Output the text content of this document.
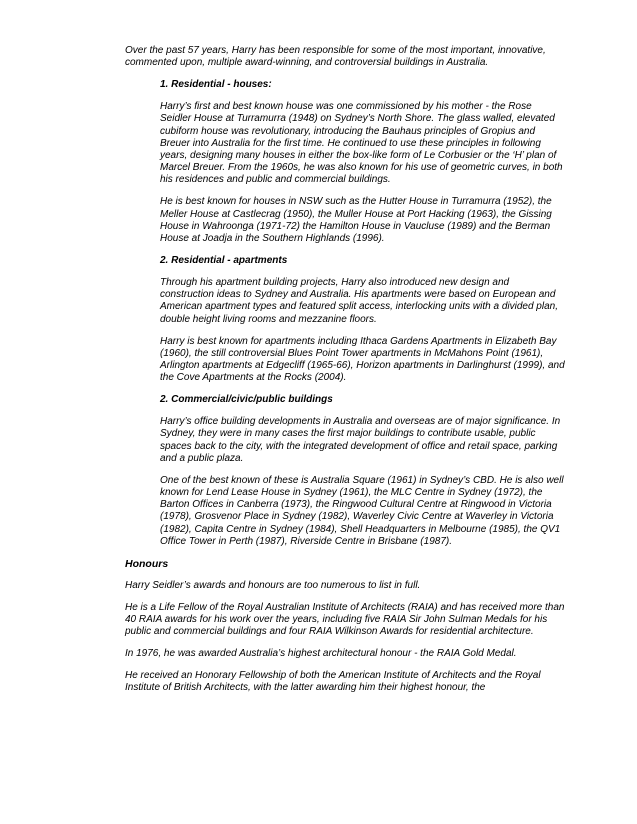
Over the past 57 years, Harry has been responsible for some of the most important, innovative, commented upon, multiple award-winning, and controversial buildings in Australia.

1. Residential - houses:

Harry’s first and best known house was one commissioned by his mother - the Rose Seidler House at Turramurra (1948) on Sydney’s North Shore. The glass walled, elevated cubiform house was revolutionary, introducing the Bauhaus principles of Gropius and Breuer into Australia for the first time. He continued to use these principles in following years, designing many houses in either the box-like form of Le Corbusier or the ‘H’ plan of Marcel Breuer. From the 1960s, he was also known for his use of geometric curves, in both his residences and public and commercial buildings.

He is best known for houses in NSW such as the Hutter House in Turramurra (1952), the Meller House at Castlecrag (1950), the Muller House at Port Hacking (1963), the Gissing House in Wahroonga (1971-72) the Hamilton House in Vaucluse (1989) and the Berman House at Joadja in the Southern Highlands (1996).

2. Residential - apartments

Through his apartment building projects, Harry also introduced new design and construction ideas to Sydney and Australia. His apartments were based on European and American apartment types and featured split access, interlocking units with a divided plan, double height living rooms and mezzanine floors.

Harry is best known for apartments including Ithaca Gardens Apartments in Elizabeth Bay (1960), the still controversial Blues Point Tower apartments in McMahons Point (1961), Arlington apartments at Edgecliff (1965-66), Horizon apartments in Darlinghurst (1999), and the Cove Apartments at the Rocks (2004).

2. Commercial/civic/public buildings

Harry’s office building developments in Australia and overseas are of major significance. In Sydney, they were in many cases the first major buildings to contribute usable, public spaces back to the city, with the integrated development of office and retail space, parking and a public plaza.

One of the best known of these is Australia Square (1961) in Sydney’s CBD. He is also well known for Lend Lease House in Sydney (1961), the MLC Centre in Sydney (1972), the Barton Offices in Canberra (1973), the Ringwood Cultural Centre at Ringwood in Victoria (1978), Grosvenor Place in Sydney (1982), Waverley Civic Centre at Waverley in Victoria (1982), Capita Centre in Sydney (1984), Shell Headquarters in Melbourne (1985), the QV1 Office Tower in Perth (1987), Riverside Centre in Brisbane (1987).

Honours

Harry Seidler’s awards and honours are too numerous to list in full.

He is a Life Fellow of the Royal Australian Institute of Architects (RAIA) and has received more than 40 RAIA awards for his work over the years, including five RAIA Sir John Sulman Medals for his public and commercial buildings and four RAIA Wilkinson Awards for residential architecture.

In 1976, he was awarded Australia’s highest architectural honour - the RAIA Gold Medal.

He received an Honorary Fellowship of both the American Institute of Architects and the Royal Institute of British Architects, with the latter awarding him their highest honour, the
